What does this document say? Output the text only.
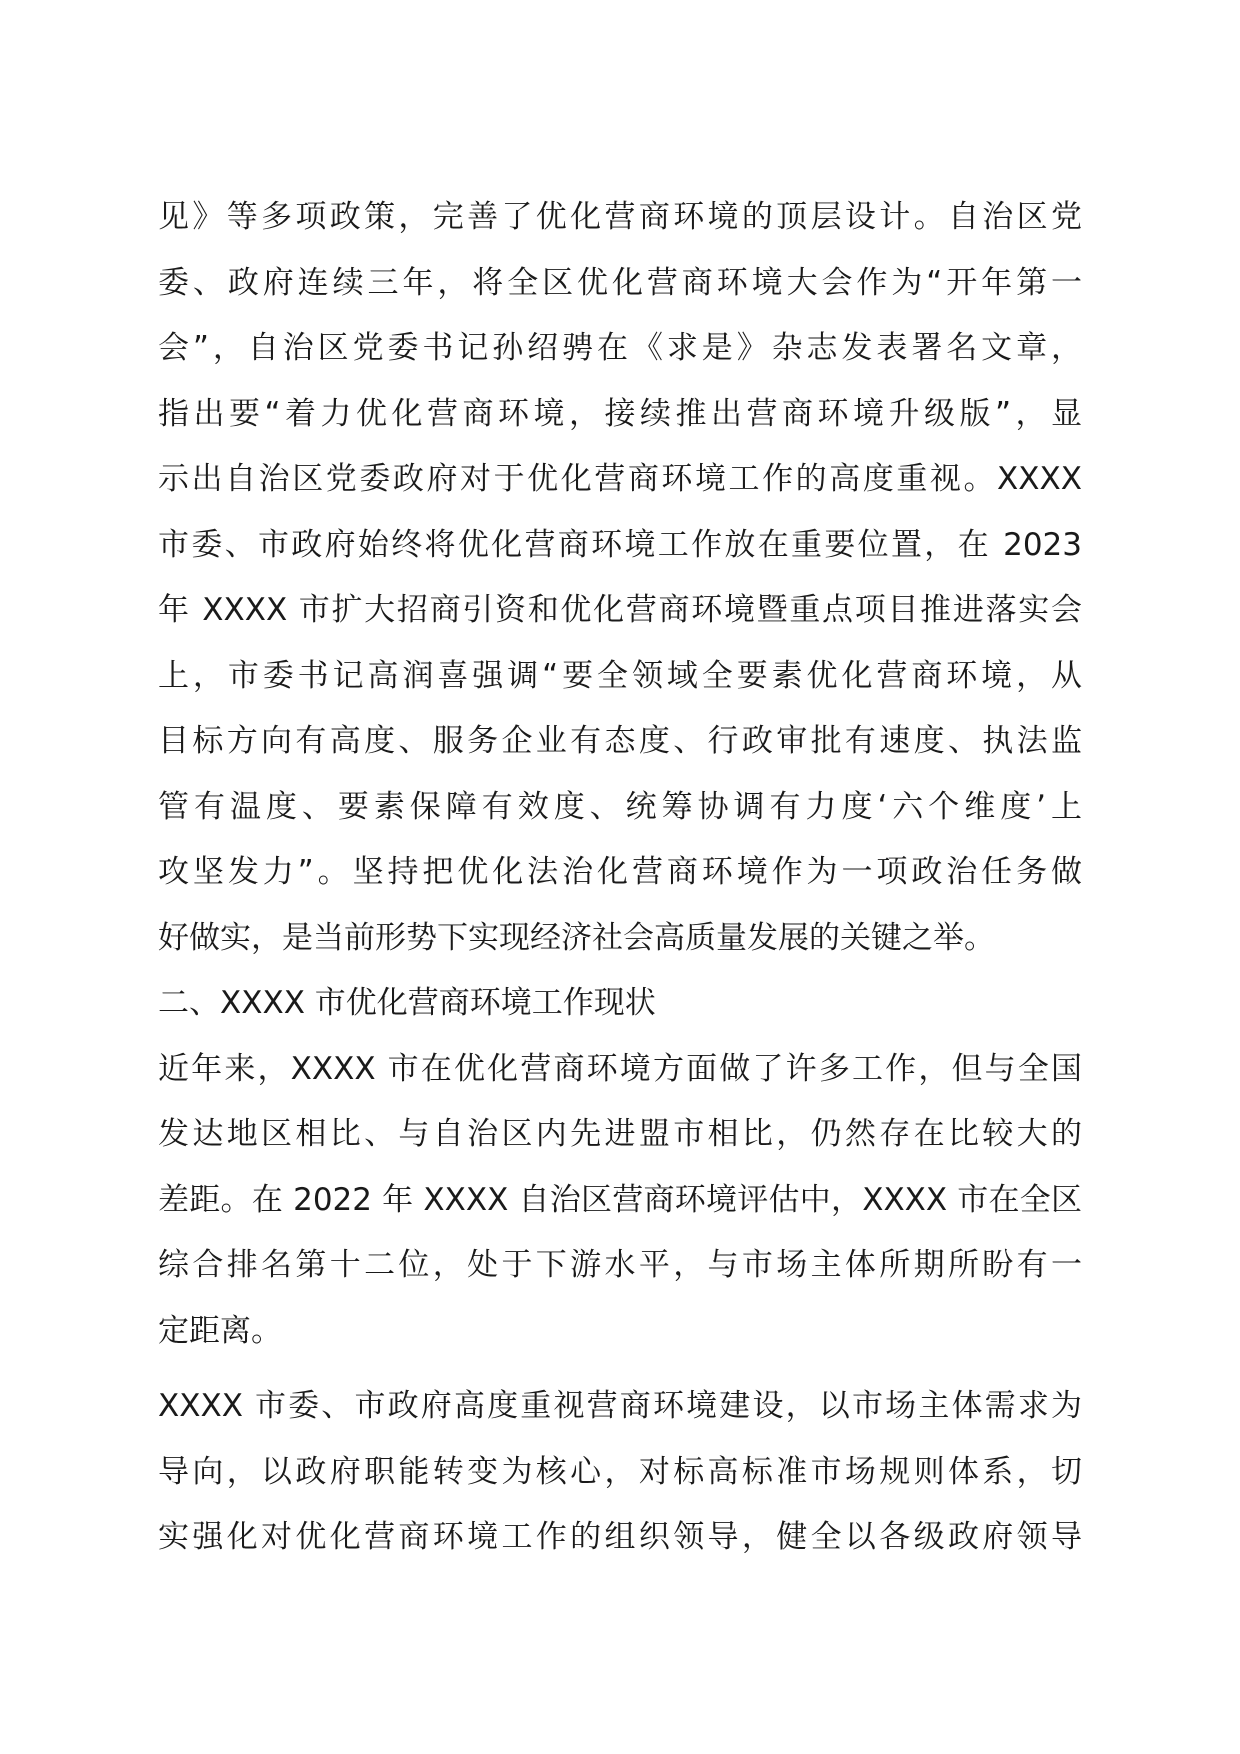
见》等多项政策，完善了优化营商环境的顶层设计。自治区党
委、政府连续三年，将全区优化营商环境大会作为“开年第一
会”，自治区党委书记孙绍骋在《求是》杂志发表署名文章，
指出要“着力优化营商环境，接续推出营商环境升级版”，显
示出自治区党委政府对于优化营商环境工作的高度重视。XXXX
市委、市政府始终将优化营商环境工作放在重要位置，在 2023
年 XXXX 市扩大招商引资和优化营商环境暨重点项目推进落实会
上，市委书记高润喜强调“要全领域全要素优化营商环境，从
目标方向有高度、服务企业有态度、行政审批有速度、执法监
管有温度、要素保障有效度、统筹协调有力度‘六个维度’上
攻坚发力”。坚持把优化法治化营商环境作为一项政治任务做
好做实，是当前形势下实现经济社会高质量发展的关键之举。
二、XXXX 市优化营商环境工作现状
近年来，XXXX 市在优化营商环境方面做了许多工作，但与全国
发达地区相比、与自治区内先进盟市相比，仍然存在比较大的
差距。在 2022 年 XXXX 自治区营商环境评估中，XXXX 市在全区
综合排名第十二位，处于下游水平，与市场主体所期所盼有一
定距离。
XXXX 市委、市政府高度重视营商环境建设，以市场主体需求为
导向，以政府职能转变为核心，对标高标准市场规则体系，切
实强化对优化营商环境工作的组织领导，健全以各级政府领导
